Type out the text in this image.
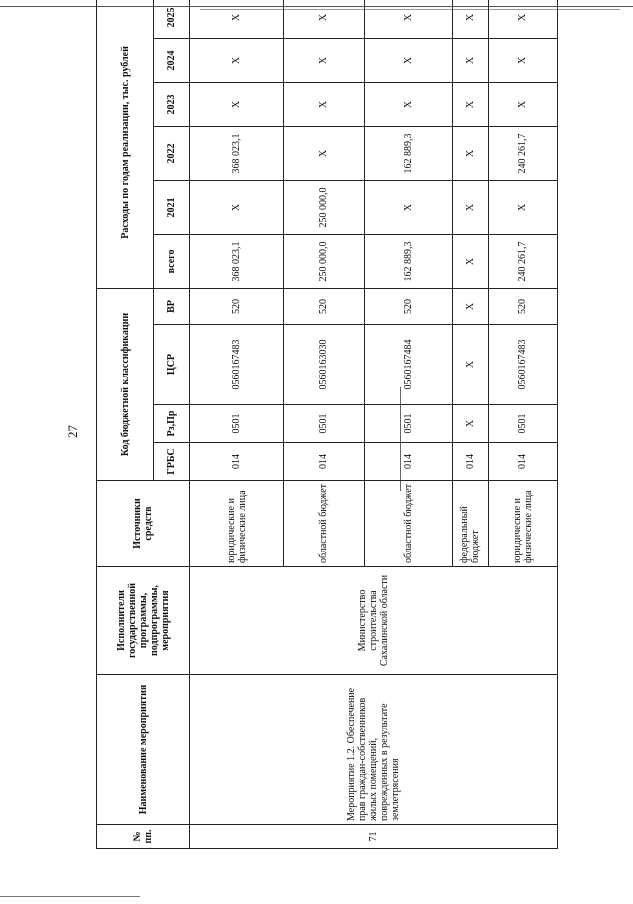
27
№ пп.	Наименование мероприятия	Исполнители государственной программы, подпрограммы, мероприятия	Источники средств	Код бюджетной классификации				Расходы по годам реализации, тыс. рублей					
				ГРБС	Рз,Пр	ЦСР	ВР	всего	2021	2022	2023	2024	2025
71	Мероприятие 1.2. Обеспечение прав граждан-собственников жилых помещений, поврежденных в результате землетрясения	Министерство строительства Сахалинской области	юридические и физические лица	014	0501	0560167483	520	368 023,1	Х	368 023,1	Х	Х	Х
			областной бюджет	014	0501	0560163030	520	250 000,0	250 000,0	Х	Х	Х	Х
			областной бюджет	014	0501	0560167484	520	162 889,3	Х	162 889,3	Х	Х	Х
			федеральный бюджет	014	Х	Х	Х	Х	Х	Х	Х	Х	Х
			юридические и физические лица	014	0501	0560167483	520	240 261,7	Х	240 261,7	Х	Х	Х
